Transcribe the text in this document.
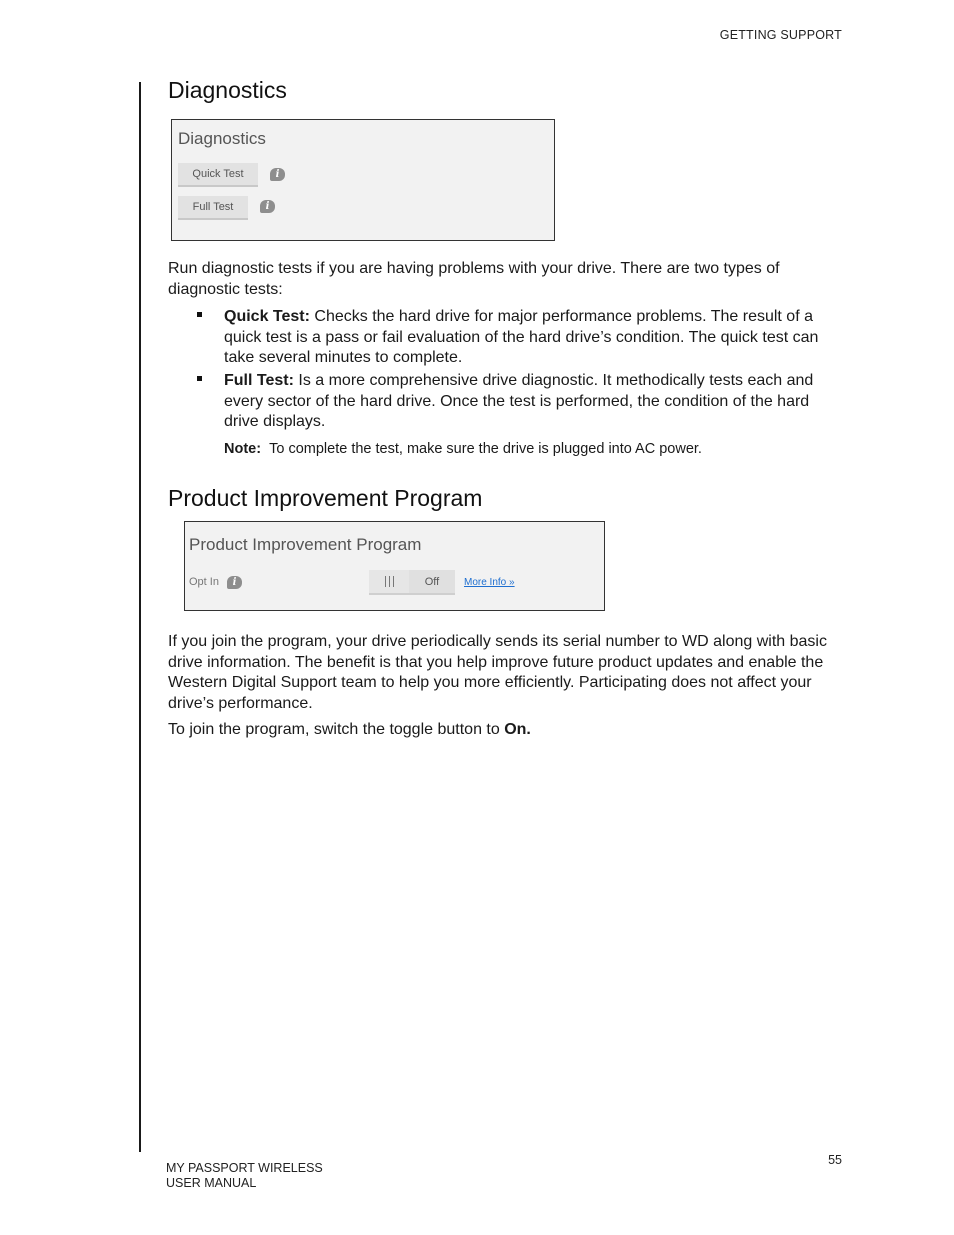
GETTING SUPPORT
Diagnostics
Diagnostics
Quick Test	i
Full Test	i
Run diagnostic tests if you are having problems with your drive. There are two types of diagnostic tests:
Quick Test: Checks the hard drive for major performance problems. The result of a quick test is a pass or fail evaluation of the hard drive’s condition. The quick test can take several minutes to complete.
Full Test: Is a more comprehensive drive diagnostic. It methodically tests each and every sector of the hard drive. Once the test is performed, the condition of the hard drive displays.
Note: To complete the test, make sure the drive is plugged into AC power.
Product Improvement Program
Product Improvement Program
Opt In	i	Off	More Info »
If you join the program, your drive periodically sends its serial number to WD along with basic drive information. The benefit is that you help improve future product updates and enable the Western Digital Support team to help you more efficiently. Participating does not affect your drive’s performance.
To join the program, switch the toggle button to On.
MY PASSPORT WIRELESS
USER MANUAL
55
